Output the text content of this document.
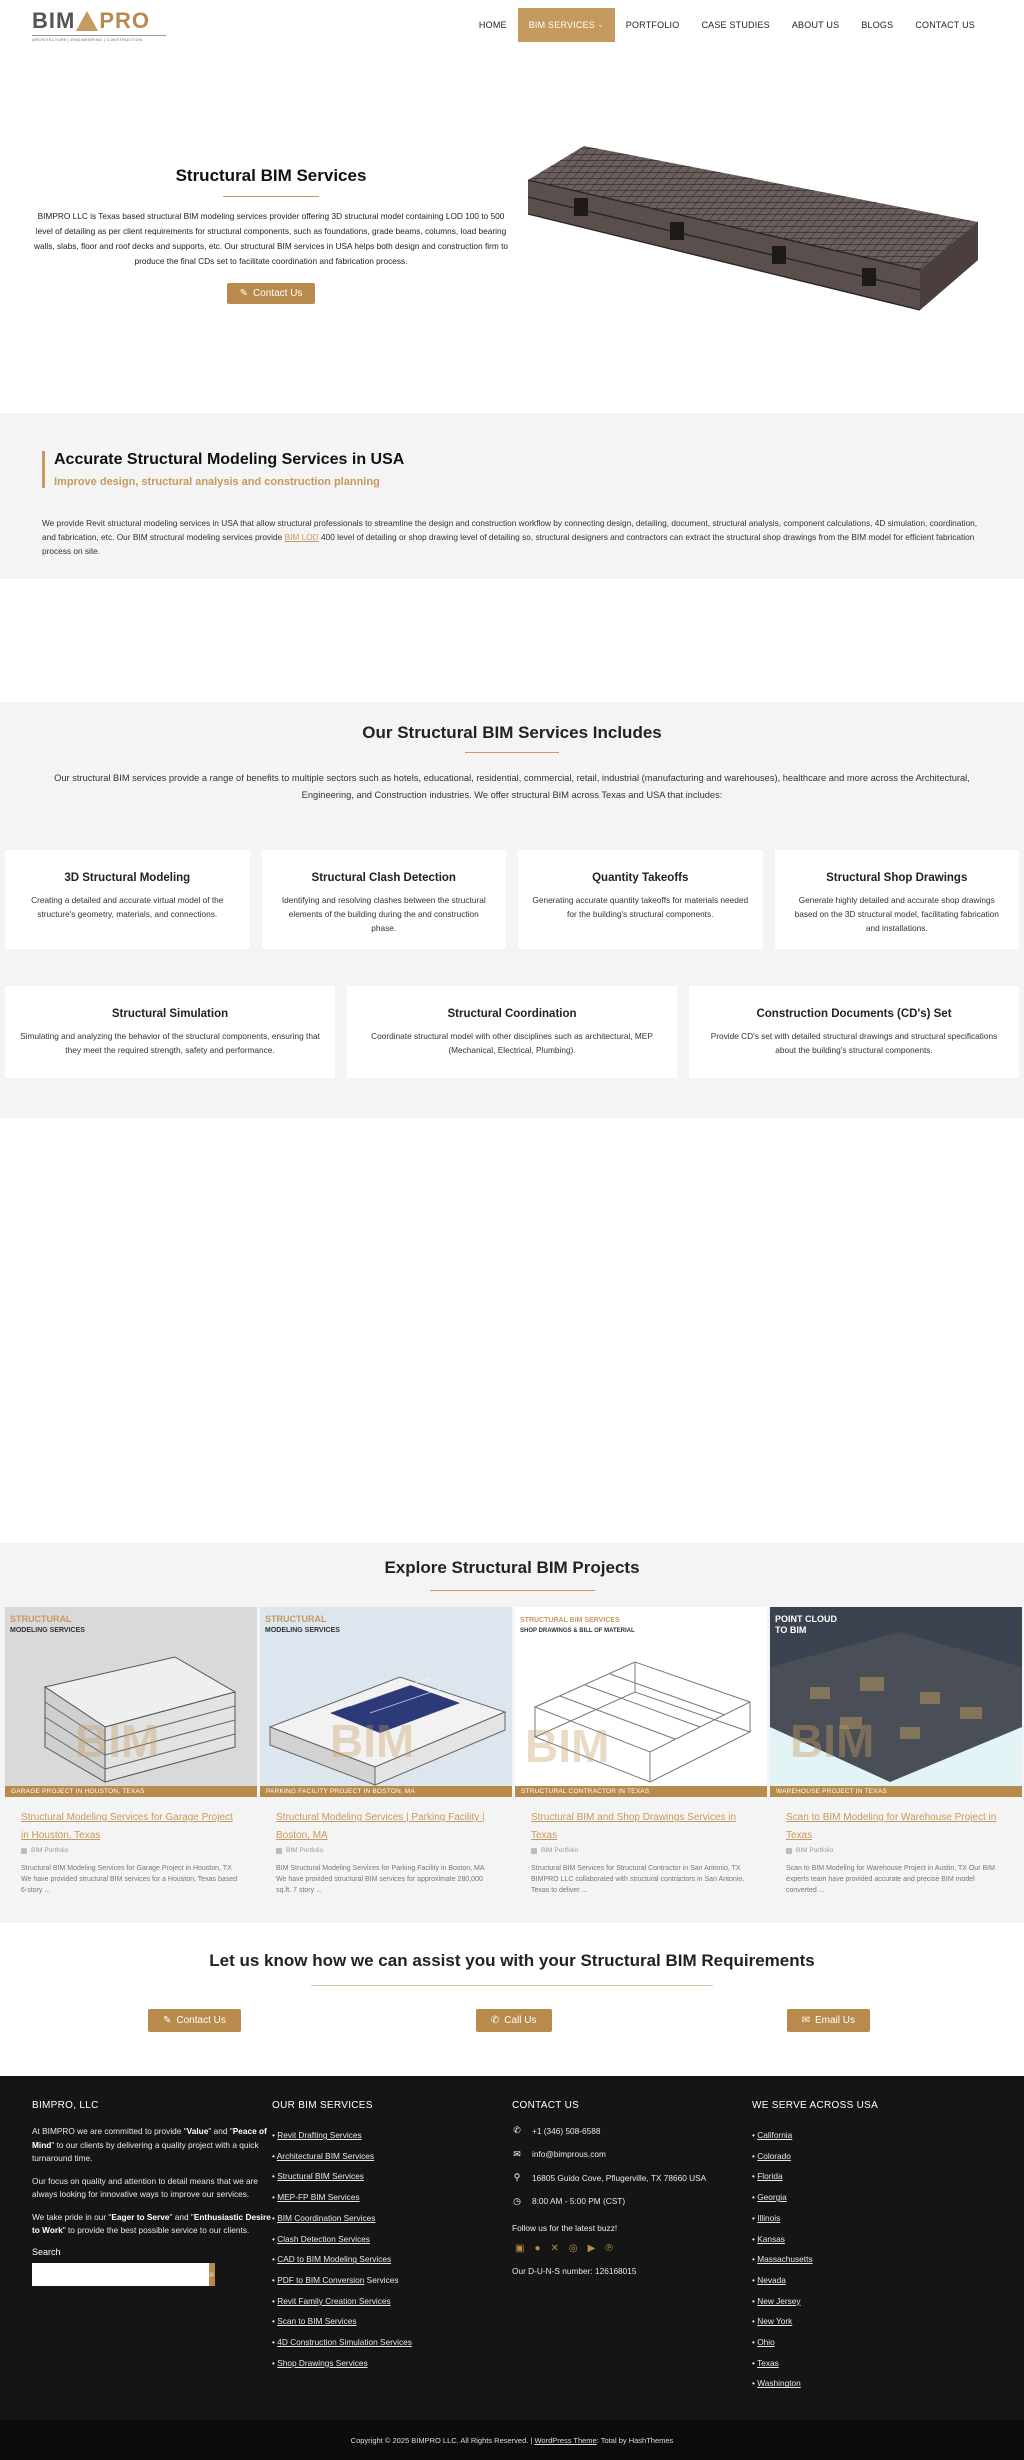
BIM PRO
ARCHITECTURE | ENGINEERING | CONSTRUCTION
HOME	BIM SERVICES
⌄	PORTFOLIO	CASE STUDIES	ABOUT US	BLOGS	CONTACT US
Structural BIM Services

BIMPRO LLC is Texas based structural BIM modeling services provider offering 3D structural model containing LOD 100 to 500 level of detailing as per client requirements for structural components, such as foundations, grade beams, columns, load bearing walls, slabs, floor and roof decks and supports, etc. Our structural BIM services in USA helps both design and construction firm to produce the final CDs set to facilitate coordination and fabrication process.

✎ Contact Us
Accurate Structural Modeling Services in USA
Improve design, structural analysis and construction planning

We provide Revit structural modeling services in USA that allow structural professionals to streamline the design and construction workflow by connecting design, detailing, document, structural analysis, component calculations, 4D simulation, coordination, and fabrication, etc. Our BIM structural modeling services provide BIM LOD 400 level of detailing or shop drawing level of detailing so, structural designers and contractors can extract the structural shop drawings from the BIM model for efficient fabrication process on site.

Our Structural BIM Services Includes

Our structural BIM services provide a range of benefits to multiple sectors such as hotels, educational, residential, commercial, retail, industrial (manufacturing and warehouses), healthcare and more across the Architectural, Engineering, and Construction industries. We offer structural BIM across Texas and USA that includes:

3D Structural Modeling

Creating a detailed and accurate virtual model of the structure's geometry, materials, and connections.

Structural Clash Detection

Identifying and resolving clashes between the structural elements of the building during the and construction phase.

Quantity Takeoffs

Generating accurate quantity takeoffs for materials needed for the building's structural components.

Structural Shop Drawings

Generate highly detailed and accurate shop drawings based on the 3D structural model, facilitating fabrication and installations.

Structural Simulation

Simulating and analyzing the behavior of the structural components, ensuring that they meet the required strength, safety and performance.

Structural Coordination

Coordinate structural model with other disciplines such as architectural, MEP (Mechanical, Electrical, Plumbing).

Construction Documents (CD's) Set

Provide CD's set with detailed structural drawings and structural specifications about the building's structural components.

Explore Structural BIM Projects
BIM
STRUCTURAL
MODELING SERVICES
GARAGE PROJECT IN HOUSTON, TEXAS
Structural Modeling Services for Garage Project in Houston, Texas
BIM Portfolio

Structural BIM Modeling Services for Garage Project in Houston, TX We have provided structural BIM services for a Houston, Texas based 6-story ...

BIM
STRUCTURAL
MODELING SERVICES
PARKING FACILITY PROJECT IN BOSTON, MA
Structural Modeling Services | Parking Facility | Boston, MA
BIM Portfolio

BIM Structural Modeling Services for Parking Facility in Boston, MA We have provided structural BIM services for approximate 280,000 sq.ft. 7 story ...

BIM
STRUCTURAL BIM SERVICES
SHOP DRAWINGS & BILL OF MATERIAL
STRUCTURAL CONTRACTOR IN TEXAS
Structural BIM and Shop Drawings Services in Texas
BIM Portfolio

Structural BIM Services for Structural Contractor in San Antonio, TX BIMPRO LLC collaborated with structural contractors in San Antonio, Texas to deliver ...

BIM
POINT CLOUD
TO BIM
WAREHOUSE PROJECT IN TEXAS
Scan to BIM Modeling for Warehouse Project in Texas
BIM Portfolio

Scan to BIM Modeling for Warehouse Project in Austin, TX Our BIM experts team have provided accurate and precise BIM model converted ...

Let us know how we can assist you with your Structural BIM Requirements
✎ Contact Us	✆ Call Us	✉ Email Us
BIMPRO, LLC

At BIMPRO we are committed to provide "Value" and "Peace of Mind" to our clients by delivering a quality project with a quick turnaround time.

Our focus on quality and attention to detail means that we are always looking for innovative ways to improve our services.

We take pride in our "Eager to Serve" and "Enthusiastic Desire to Work" to provide the best possible service to our clients.

Search
⌕
OUR BIM SERVICES
• Revit Drafting Services
• Architectural BIM Services
• Structural BIM Services
• MEP-FP BIM Services
• BIM Coordination Services
• Clash Detection Services
• CAD to BIM Modeling Services
• PDF to BIM Conversion Services
• Revit Family Creation Services
• Scan to BIM Services
• 4D Construction Simulation Services
• Shop Drawings Services
CONTACT US
✆ +1 (346) 508-6588
✉ info@bimprous.com
⚲ 16805 Guido Cove, Pflugerville, TX 78660 USA
◷ 8:00 AM - 5:00 PM (CST)
Follow us for the latest buzz!
▣ ● ✕ ◎ ▶ ℗
Our D-U-N-S number: 126168015
WE SERVE ACROSS USA
• California
• Colorado
• Florida
• Georgia
• Illinois
• Kansas
• Massachusetts
• Nevada
• New Jersey
• New York
• Ohio
• Texas
• Washington
Copyright © 2025 BIMPRO LLC. All Rights Reserved. |
WordPress Theme : Total by HashThemes
